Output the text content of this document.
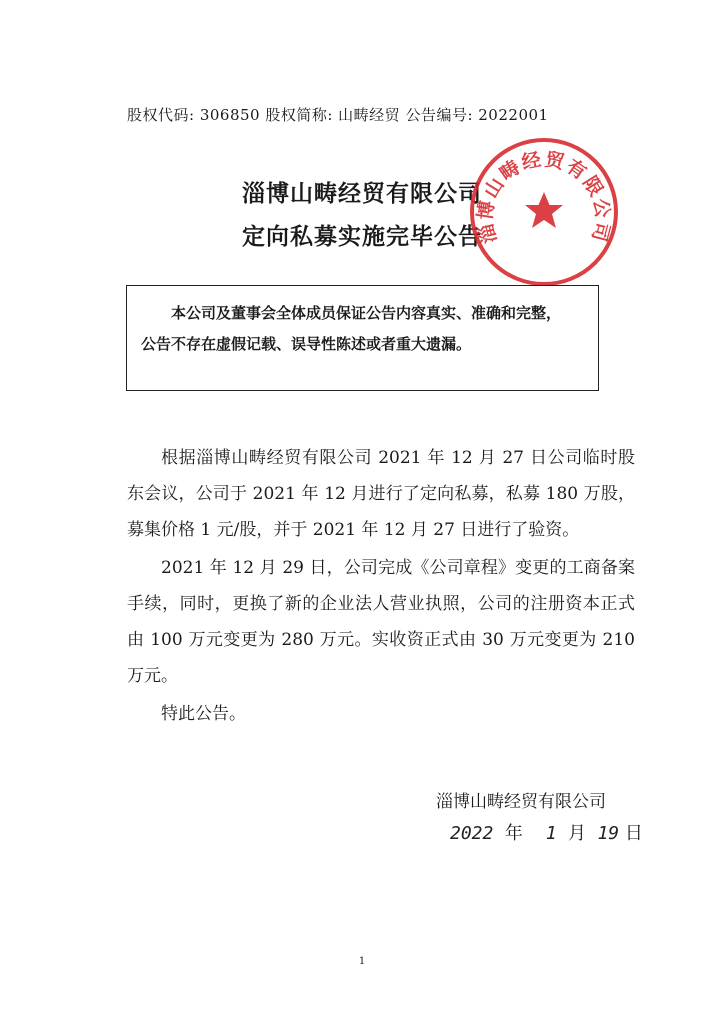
股权代码: 306850 股权简称: 山畴经贸 公告编号: 2022001
淄博山畴经贸有限公司
定向私募实施完毕公告
淄博山畴经贸有限公司
本公司及董事会全体成员保证公告内容真实、准确和完整，
公告不存在虚假记载、误导性陈述或者重大遗漏。

根据淄博山畴经贸有限公司 2021 年 12 月 27 日公司临时股东会议，公司于 2021 年 12 月进行了定向私募，私募 180 万股，募集价格 1 元/股，并于 2021 年 12 月 27 日进行了验资。

2021 年 12 月 29 日，公司完成《公司章程》变更的工商备案手续，同时，更换了新的企业法人营业执照，公司的注册资本正式由 100 万元变更为 280 万元。实收资正式由 30 万元变更为 210 万元。

特此公告。

淄博山畴经贸有限公司
2022 年 1 月 19 日
1
